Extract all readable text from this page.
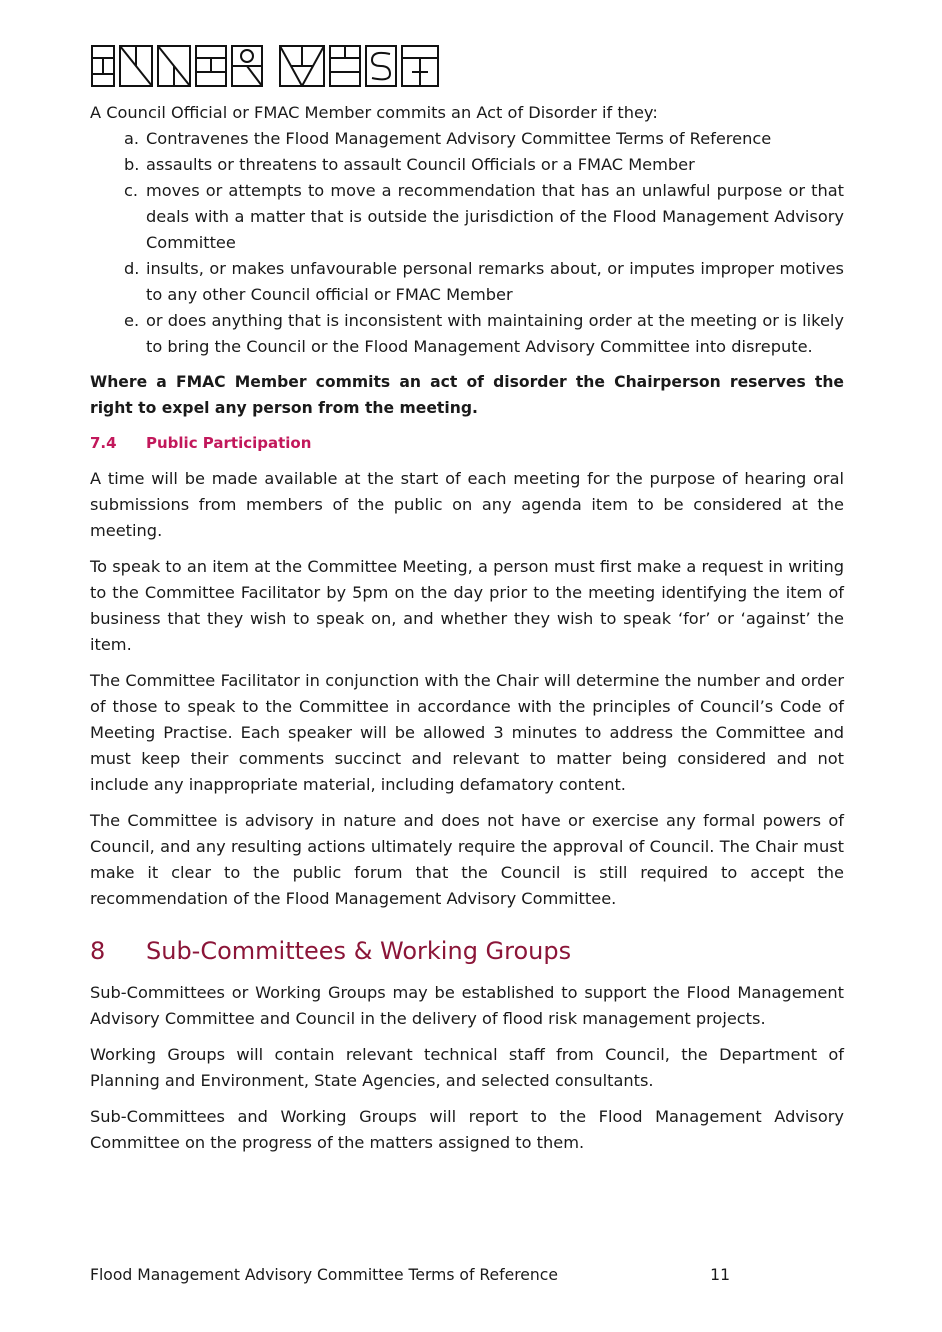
A Council Official or FMAC Member commits an Act of Disorder if they:

a. Contravenes the Flood Management Advisory Committee Terms of Reference
b. assaults or threatens to assault Council Officials or a FMAC Member
c. moves or attempts to move a recommendation that has an unlawful purpose or that deals with a matter that is outside the jurisdiction of the Flood Management Advisory Committee
d. insults, or makes unfavourable personal remarks about, or imputes improper motives to any other Council official or FMAC Member
e. or does anything that is inconsistent with maintaining order at the meeting or is likely to bring the Council or the Flood Management Advisory Committee into disrepute.

Where a FMAC Member commits an act of disorder the Chairperson reserves the right to expel any person from the meeting.

7.4	Public Participation

A time will be made available at the start of each meeting for the purpose of hearing oral submissions from members of the public on any agenda item to be considered at the meeting.

To speak to an item at the Committee Meeting, a person must first make a request in writing to the Committee Facilitator by 5pm on the day prior to the meeting identifying the item of business that they wish to speak on, and whether they wish to speak ‘for’ or ‘against’ the item.

The Committee Facilitator in conjunction with the Chair will determine the number and order of those to speak to the Committee in accordance with the principles of Council’s Code of Meeting Practise. Each speaker will be allowed 3 minutes to address the Committee and must keep their comments succinct and relevant to matter being considered and not include any inappropriate material, including defamatory content.

The Committee is advisory in nature and does not have or exercise any formal powers of Council, and any resulting actions ultimately require the approval of Council. The Chair must make it clear to the public forum that the Council is still required to accept the recommendation of the Flood Management Advisory Committee.

8	Sub-Committees & Working Groups

Sub-Committees or Working Groups may be established to support the Flood Management Advisory Committee and Council in the delivery of flood risk management projects.

Working Groups will contain relevant technical staff from Council, the Department of Planning and Environment, State Agencies, and selected consultants.

Sub-Committees and Working Groups will report to the Flood Management Advisory Committee on the progress of the matters assigned to them.

Flood Management Advisory Committee Terms of Reference	11
